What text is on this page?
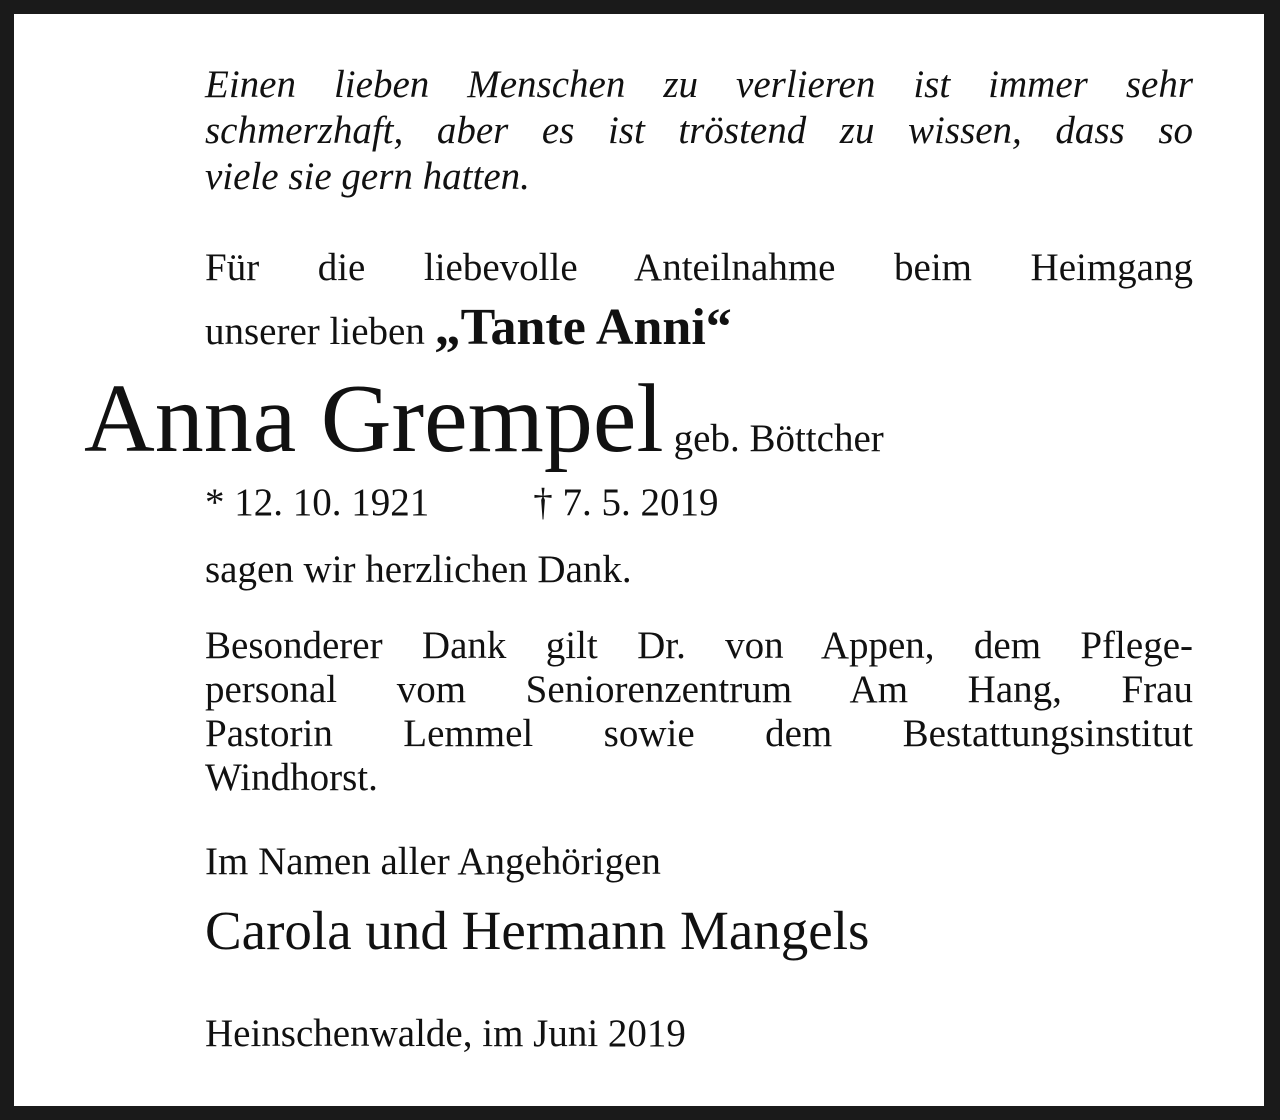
Einen lieben Menschen zu verlieren ist immer sehr

schmerzhaft, aber es ist tröstend zu wissen, dass so

viele sie gern hatten.

Für die liebevolle Anteilnahme beim Heimgang

unserer lieben „Tante Anni“
Anna Grempel geb. Böttcher
* 12. 10. 1921	† 7. 5. 2019
sagen wir herzlichen Dank.

Besonderer Dank gilt Dr. von Appen, dem Pflege-

personal vom Seniorenzentrum Am Hang, Frau

Pastorin Lemmel sowie dem Bestattungsinstitut

Windhorst.

Im Namen aller Angehörigen
Carola und Hermann Mangels
Heinschenwalde, im Juni 2019
